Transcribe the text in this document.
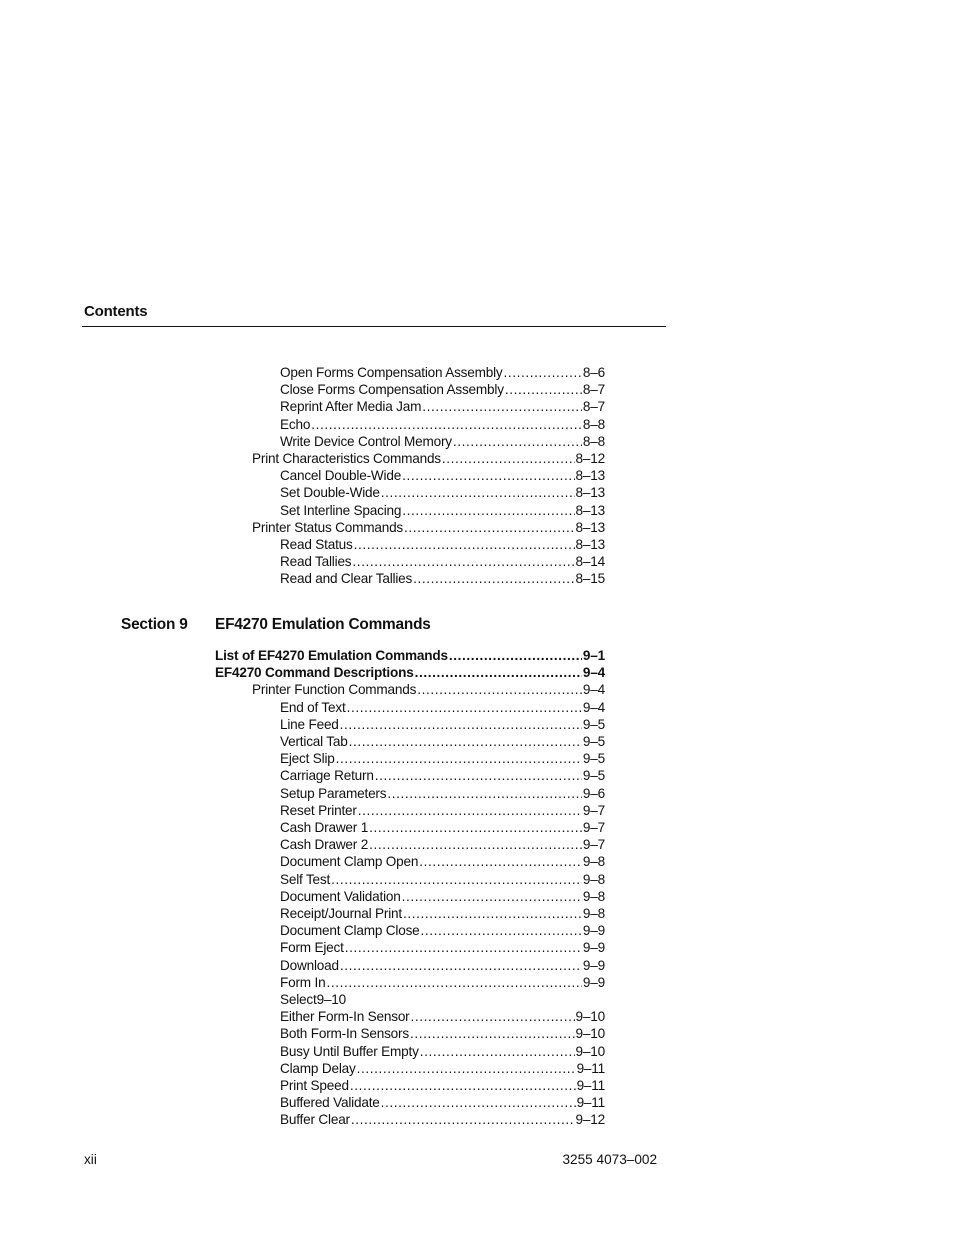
Contents
Open Forms Compensation Assembly .....	8–6
Close Forms Compensation Assembly .....	8–7
Reprint After Media Jam .....	8–7
Echo .....	8–8
Write Device Control Memory .....	8–8
Print Characteristics Commands .....	8–12
Cancel Double-Wide .....	8–13
Set Double-Wide .....	8–13
Set Interline Spacing .....	8–13
Printer Status Commands .....	8–13
Read Status .....	8–13
Read Tallies .....	8–14
Read and Clear Tallies .....	8–15
Section 9 EF4270 Emulation Commands
List of EF4270 Emulation Commands .....	9–1
EF4270 Command Descriptions .....	9–4
Printer Function Commands .....	9–4
End of Text .....	9–4
Line Feed .....	9–5
Vertical Tab .....	9–5
Eject Slip .....	9–5
Carriage Return .....	9–5
Setup Parameters .....	9–6
Reset Printer .....	9–7
Cash Drawer 1 .....	9–7
Cash Drawer 2 .....	9–7
Document Clamp Open .....	9–8
Self Test .....	9–8
Document Validation .....	9–8
Receipt/Journal Print .....	9–8
Document Clamp Close .....	9–9
Form Eject .....	9–9
Download .....	9–9
Form In .....	9–9
Select9–10
Either Form-In Sensor .....	9–10
Both Form-In Sensors .....	9–10
Busy Until Buffer Empty .....	9–10
Clamp Delay .....	9–11
Print Speed .....	9–11
Buffered Validate .....	9–11
Buffer Clear .....	9–12
xii	3255 4073–002
